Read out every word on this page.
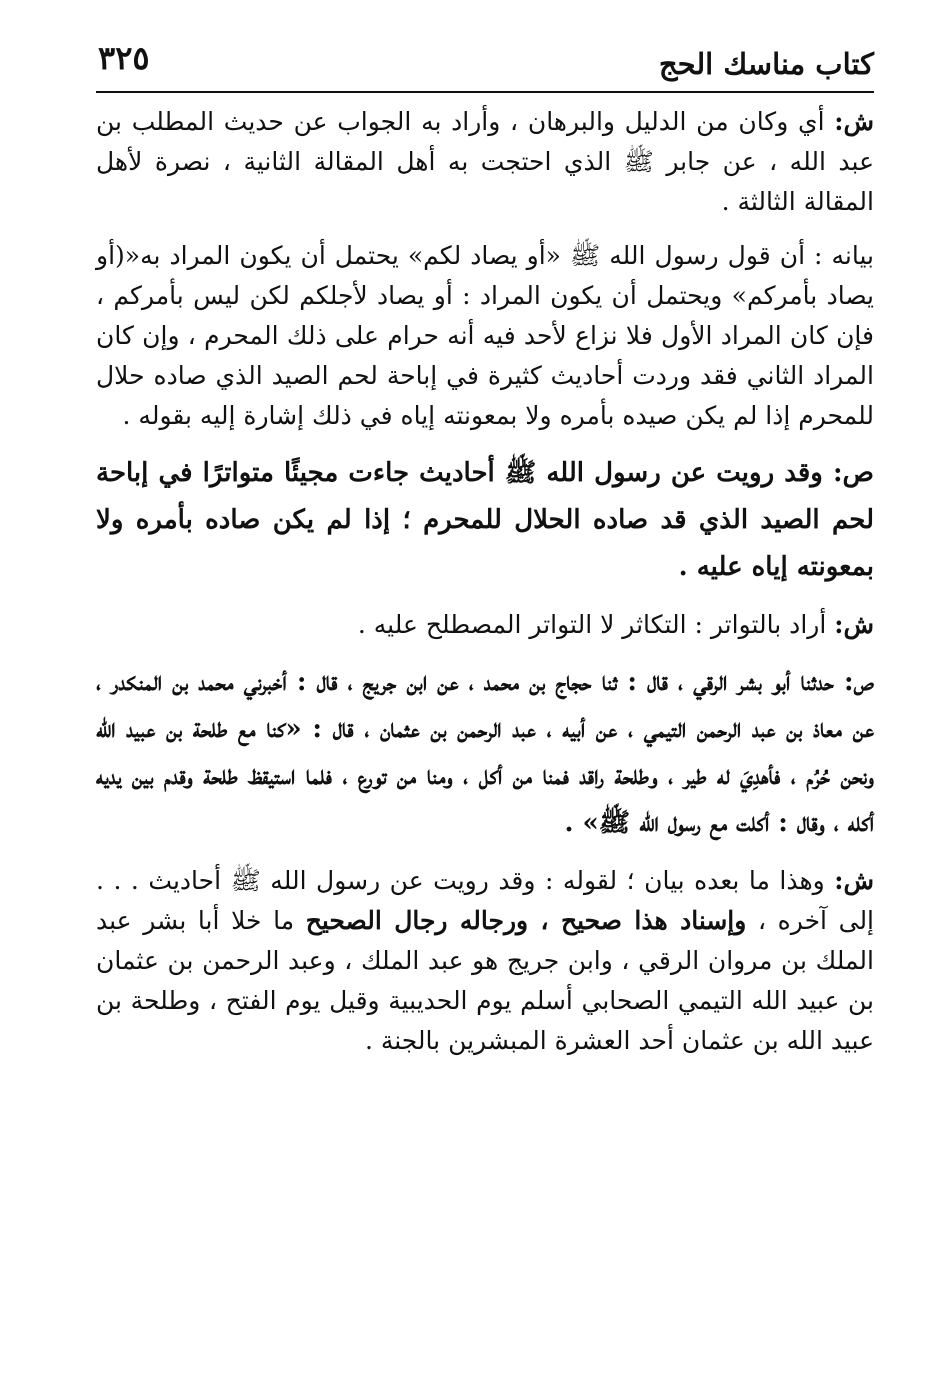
كتاب مناسك الحج
٣٢٥

ش: أي وكان من الدليل والبرهان ، وأراد به الجواب عن حديث المطلب بن عبد الله ، عن جابر ﷺ الذي احتجت به أهل المقالة الثانية ، نصرة لأهل المقالة الثالثة .

بيانه : أن قول رسول الله ﷺ «أو يصاد لكم» يحتمل أن يكون المراد به«(أو يصاد بأمركم» ويحتمل أن يكون المراد : أو يصاد لأجلكم لكن ليس بأمركم ، فإن كان المراد الأول فلا نزاع لأحد فيه أنه حرام على ذلك المحرم ، وإن كان المراد الثاني فقد وردت أحاديث كثيرة في إباحة لحم الصيد الذي صاده حلال للمحرم إذا لم يكن صيده بأمره ولا بمعونته إياه في ذلك إشارة إليه بقوله .

ص: وقد رويت عن رسول الله ﷺ أحاديث جاءت مجيئًا متواترًا في إباحة لحم الصيد الذي قد صاده الحلال للمحرم ؛ إذا لم يكن صاده بأمره ولا بمعونته إياه عليه .

ش: أراد بالتواتر : التكاثر لا التواتر المصطلح عليه .

ص: حدثنا أبو بشر الرقي ، قال : ثنا حجاج بن محمد ، عن ابن جريج ، قال : أخبرني محمد بن المنكدر ، عن معاذ بن عبد الرحمن التيمي ، عن أبيه ، عبد الرحمن بن عثمان ، قال : «كنا مع طلحة بن عبيد الله ونحن حُرُم ، فأهدِيَ له طير ، وطلحة راقد فمنا من أكل ، ومنا من تورع ، فلما استيقظ طلحة وقدم بين يديه أكله ، وقال : أكلت مع رسول الله ﷺ» .

ش: وهذا ما بعده بيان ؛ لقوله : وقد رويت عن رسول الله ﷺ أحاديث . . . إلى آخره ، وإسناد هذا صحيح ، ورجاله رجال الصحيح ما خلا أبا بشر عبد الملك بن مروان الرقي ، وابن جريج هو عبد الملك ، وعبد الرحمن بن عثمان بن عبيد الله التيمي الصحابي أسلم يوم الحديبية وقيل يوم الفتح ، وطلحة بن عبيد الله بن عثمان أحد العشرة المبشرين بالجنة .
